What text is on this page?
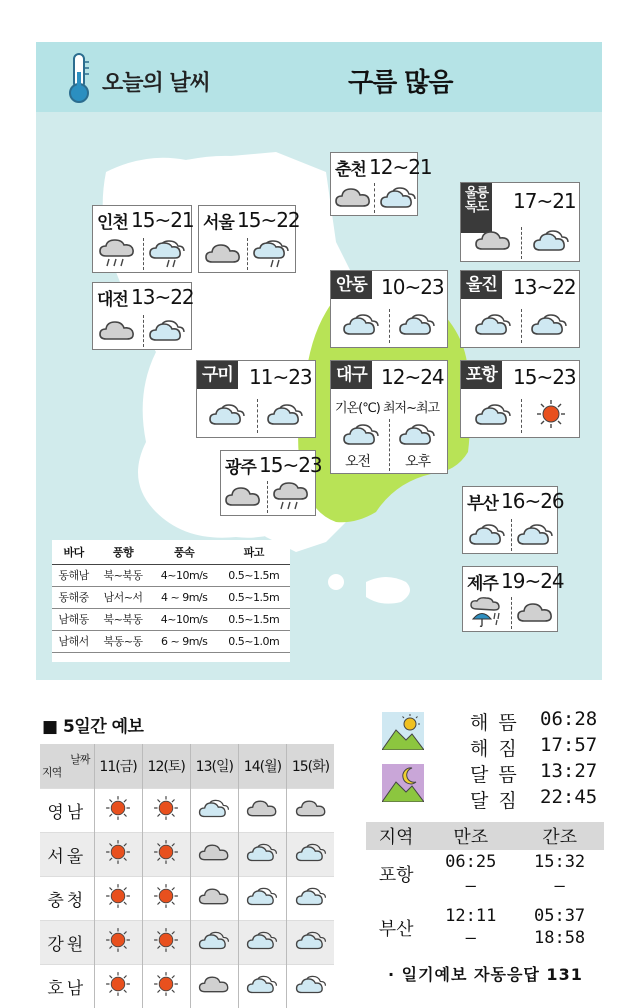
오늘의 날씨	구름 많음
춘천 12~21
울릉
독도 17~21
인천 15~21 서울 15~22
대전 13~22	안동 10~23 울진 13~22
구미 11~23 대구 12~24
기온(℃) 최저~최고
오전 오후
포항 15~23
광주 15~23
부산 16~26
제주 19~24
바다	풍향	풍속	파고
동해남	북~북동	4~10m/s	0.5~1.5m
동해중	남서~서	4 ~ 9m/s	0.5~1.5m
남해동	북~북동	4~10m/s	0.5~1.5m
남해서	북동~동	6 ~ 9m/s	0.5~1.0m
■ 5일간 예보
날짜
지역	11(금)	12(토)	13(일)	14(월)	15(화)
영남					
서울					
충청					
강원					
호남					
해 뜸 06:28
해 짐 17:57
달 뜸 13:27
달 짐 22:45
지역	만조	간조
포항	06:25	15:32
	–	–
부산	12:11	05:37
	–	18:58
· 일기예보 자동응답 131
